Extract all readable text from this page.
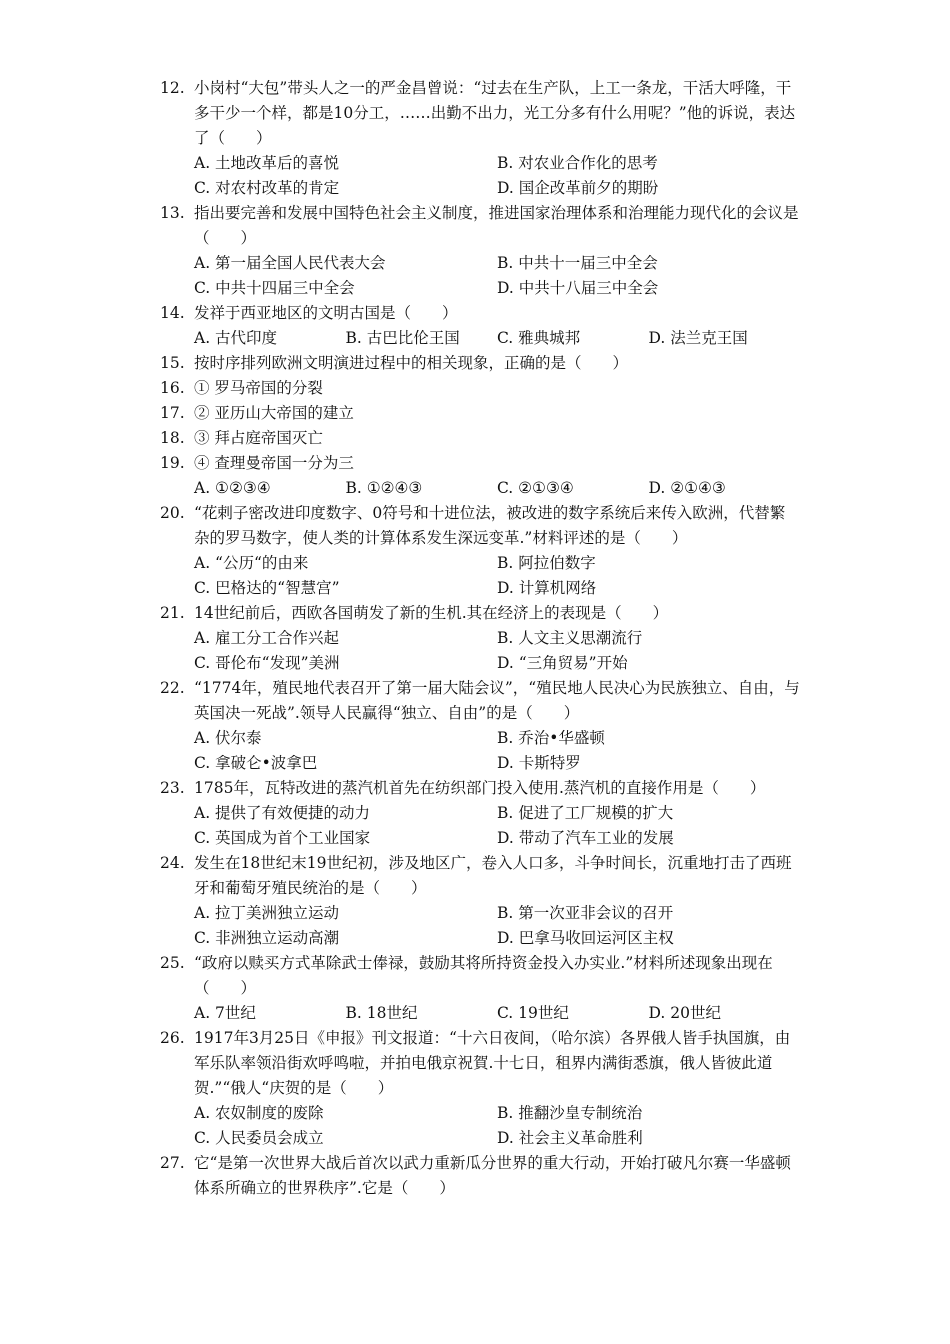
12. 小岗村“大包”带头人之一的严金昌曾说：“过去在生产队，上工一条龙，干活大呼隆，干多干少一个样，都是10分工，……出勤不出力，光工分多有什么用呢？”他的诉说，表达了（　　）
A. 土地改革后的喜悦	B. 对农业合作化的思考
C. 对农村改革的肯定	D. 国企改革前夕的期盼
13. 指出要完善和发展中国特色社会主义制度，推进国家治理体系和治理能力现代化的会议是（　　）
A. 第一届全国人民代表大会	B. 中共十一届三中全会
C. 中共十四届三中全会	D. 中共十八届三中全会
14. 发祥于西亚地区的文明古国是（　　）
A. 古代印度	B. 古巴比伦王国	C. 雅典城邦	D. 法兰克王国
15. 按时序排列欧洲文明演进过程中的相关现象，正确的是（　　）
16. ① 罗马帝国的分裂
17. ② 亚历山大帝国的建立
18. ③ 拜占庭帝国灭亡
19. ④ 查理曼帝国一分为三
A. ①②③④	B. ①②④③	C. ②①③④	D. ②①④③
20. “花剌子密改进印度数字、0符号和十进位法，被改进的数字系统后来传入欧洲，代替繁杂的罗马数字，使人类的计算体系发生深远变革.”材料评述的是（　　）
A. “公历“的由来	B. 阿拉伯数字
C. 巴格达的“智慧宫”	D. 计算机网络
21. 14世纪前后，西欧各国萌发了新的生机.其在经济上的表现是（　　）
A. 雇工分工合作兴起	B. 人文主义思潮流行
C. 哥伦布“发现”美洲	D. “三角贸易”开始
22. “1774年，殖民地代表召开了第一届大陆会议”，“殖民地人民决心为民族独立、自由，与英国决一死战”.领导人民赢得“独立、自由”的是（　　）
A. 伏尔泰	B. 乔治•华盛顿
C. 拿破仑•波拿巴	D. 卡斯特罗
23. 1785年，瓦特改进的蒸汽机首先在纺织部门投入使用.蒸汽机的直接作用是（　　）
A. 提供了有效便捷的动力	B. 促进了工厂规模的扩大
C. 英国成为首个工业国家	D. 带动了汽车工业的发展
24. 发生在18世纪末19世纪初，涉及地区广，卷入人口多，斗争时间长，沉重地打击了西班牙和葡萄牙殖民统治的是（　　）
A. 拉丁美洲独立运动	B. 第一次亚非会议的召开
C. 非洲独立运动高潮	D. 巴拿马收回运河区主权
25. “政府以赎买方式革除武士俸禄，鼓励其将所持资金投入办实业.”材料所述现象出现在（　　）
A. 7世纪	B. 18世纪	C. 19世纪	D. 20世纪
26. 1917年3月25日《申报》刊文报道：“十六日夜间，（哈尔滨）各界俄人皆手执国旗，由军乐队率领沿街欢呼鸣啦，并拍电俄京祝賀.十七日，租界内满街悉旗，俄人皆彼此道贺.”“俄人“庆贺的是（　　）
A. 农奴制度的废除	B. 推翻沙皇专制统治
C. 人民委员会成立	D. 社会主义革命胜利
27. 它“是第一次世界大战后首次以武力重新瓜分世界的重大行动，开始打破凡尔赛一华盛顿体系所确立的世界秩序”.它是（　　）
